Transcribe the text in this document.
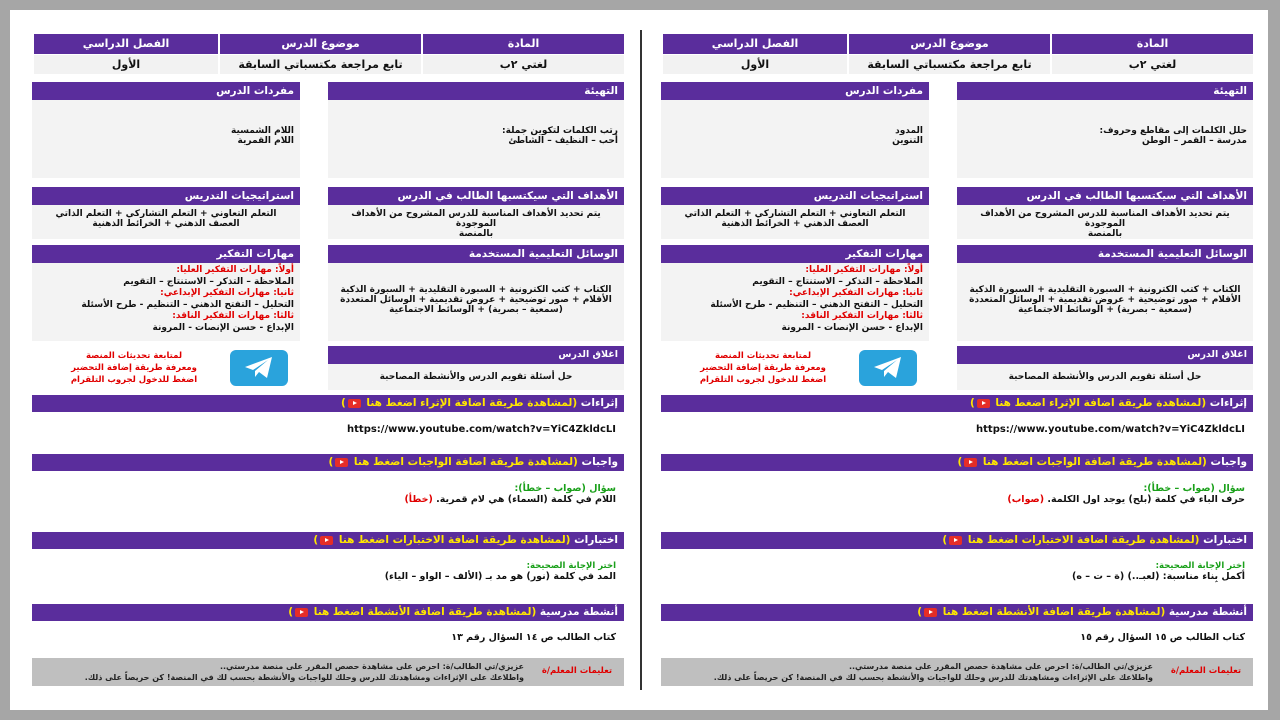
المادة
موضوع الدرس
الفصل الدراسي
لغتي ٢ب
تابع مراجعة مكتسباتي السابقة
الأول
التهيئة
حلل الكلمات إلى مقاطع وحروف:
مدرسة – القمر – الوطن
مفردات الدرس
المدود
التنوين
الأهداف التي سيكتسبها الطالب في الدرس
يتم تحديد الأهداف المناسبة للدرس المشروح من الأهداف الموجودة
بالمنصة
استراتيجيات التدريس
التعلم التعاوني + التعلم التشاركي + التعلم الذاتي
العصف الذهني + الخرائط الذهنية
الوسائل التعليمية المستخدمة
الكتاب + كتب الكترونية + السبورة التقليدية + السبورة الذكية
الأقلام + صور توضيحية + عروض تقديمية + الوسائل المتعددة
(سمعية – بصرية) + الوسائط الاجتماعية
مهارات التفكير
أولاً: مهارات التفكير العليا:
الملاحظة – التذكر – الاستنتاج – التقويم
ثانيا: مهارات التفكير الإبداعي:
التحليل – التفتح الذهني – التنظيم - طرح الأسئلة
ثالثا: مهارات التفكير الناقد:
الإبداع - حسن الإنصات - المرونة
اغلاق الدرس
حل أسئلة تقويم الدرس والأنشطة المصاحبة
لمتابعة تحديثات المنصة
ومعرفة طريقة إضافة التحضير
اضغط للدخول لجروب التلقرام
إثراءات (لمشاهدة طريقة اضافة الإثراء اضغط هنا )
https://www.youtube.com/watch?v=YiC4ZkldcLI
واجبات (لمشاهدة طريقة اضافة الواجبات اضغط هنا )
سؤال (صواب – خطأ):
حرف الباء في كلمة (بلح) يوجد اول الكلمة. (صواب)
اختبارات (لمشاهدة طريقة اضافة الاختبارات اضغط هنا )
اختر الإجابة الصحيحة:
أكمل بِناء مناسبة: (لعبـ..) (ة – ت – ه)
أنشطة مدرسية (لمشاهدة طريقة اضافة الأنشطة اضغط هنا )
كتاب الطالب ص ١٥ السؤال رقم ١٥
تعليمات المعلم/ة
عزيزي/تي الطالب/ة: احرص على مشاهدة حصص المقرر على منصة مدرستي..
واطلاعك على الإثراءات ومشاهدتك للدرس وحلك للواجبات والأنشطة بحسب لك في المنصة! كن حريصاً على ذلك.
المادة
موضوع الدرس
الفصل الدراسي
لغتي ٢ب
تابع مراجعة مكتسباتي السابقة
الأول
التهيئة
رتب الكلمات لتكوين جملة:
أحب – النظيف – الشاطئ
مفردات الدرس
اللام الشمسية
اللام القمرية
الأهداف التي سيكتسبها الطالب في الدرس
يتم تحديد الأهداف المناسبة للدرس المشروح من الأهداف الموجودة
بالمنصة
استراتيجيات التدريس
التعلم التعاوني + التعلم التشاركي + التعلم الذاتي
العصف الذهني + الخرائط الذهنية
الوسائل التعليمية المستخدمة
الكتاب + كتب الكترونية + السبورة التقليدية + السبورة الذكية
الأقلام + صور توضيحية + عروض تقديمية + الوسائل المتعددة
(سمعية – بصرية) + الوسائط الاجتماعية
مهارات التفكير
أولاً: مهارات التفكير العليا:
الملاحظة – التذكر – الاستنتاج – التقويم
ثانيا: مهارات التفكير الإبداعي:
التحليل – التفتح الذهني – التنظيم - طرح الأسئلة
ثالثا: مهارات التفكير الناقد:
الإبداع - حسن الإنصات - المرونة
اغلاق الدرس
حل أسئلة تقويم الدرس والأنشطة المصاحبة
لمتابعة تحديثات المنصة
ومعرفة طريقة إضافة التحضير
اضغط للدخول لجروب التلقرام
إثراءات (لمشاهدة طريقة اضافة الإثراء اضغط هنا )
https://www.youtube.com/watch?v=YiC4ZkldcLI
واجبات (لمشاهدة طريقة اضافة الواجبات اضغط هنا )
سؤال (صواب – خطأ):
اللام في كلمة (السماء) هي لام قمرية. (خطأ)
اختبارات (لمشاهدة طريقة اضافة الاختبارات اضغط هنا )
اختر الإجابة الصحيحة:
المد في كلمة (نور) هو مد بـ (الألف – الواو – الياء)
أنشطة مدرسية (لمشاهدة طريقة اضافة الأنشطة اضغط هنا )
كتاب الطالب ص ١٤ السؤال رقم ١٣
تعليمات المعلم/ة
عزيزي/تي الطالب/ة: احرص على مشاهدة حصص المقرر على منصة مدرستي..
واطلاعك على الإثراءات ومشاهدتك للدرس وحلك للواجبات والأنشطة بحسب لك في المنصة! كن حريصاً على ذلك.
